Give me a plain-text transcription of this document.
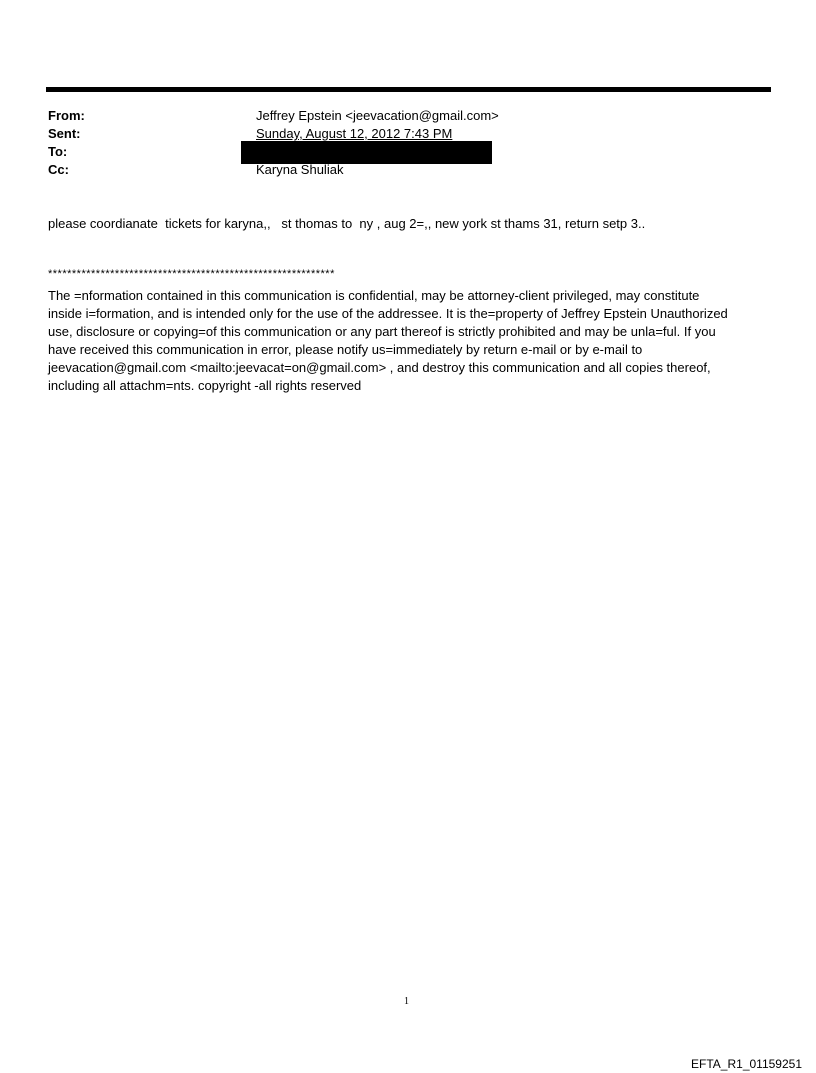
From:	Jeffrey Epstein <jeevacation@gmail.com>
Sent:	Sunday, August 12, 2012 7:43 PM
To:
Cc:	Karyna Shuliak
please coordianate  tickets for karyna,,   st thomas to  ny , aug 2=,, new york st thams 31, return setp 3..
************************************************************
The =nformation contained in this communication is confidential, may be attorney-client privileged, may constitute
inside i=formation, and is intended only for the use of the addressee. It is the=property of Jeffrey Epstein Unauthorized
use, disclosure or copying=of this communication or any part thereof is strictly prohibited and may be unla=ful. If you
have received this communication in error, please notify us=immediately by return e-mail or by e-mail to
jeevacation@gmail.com <mailto:jeevacat=on@gmail.com> , and destroy this communication and all copies thereof,
including all attachm=nts. copyright -all rights reserved
1
EFTA_R1_01159251
